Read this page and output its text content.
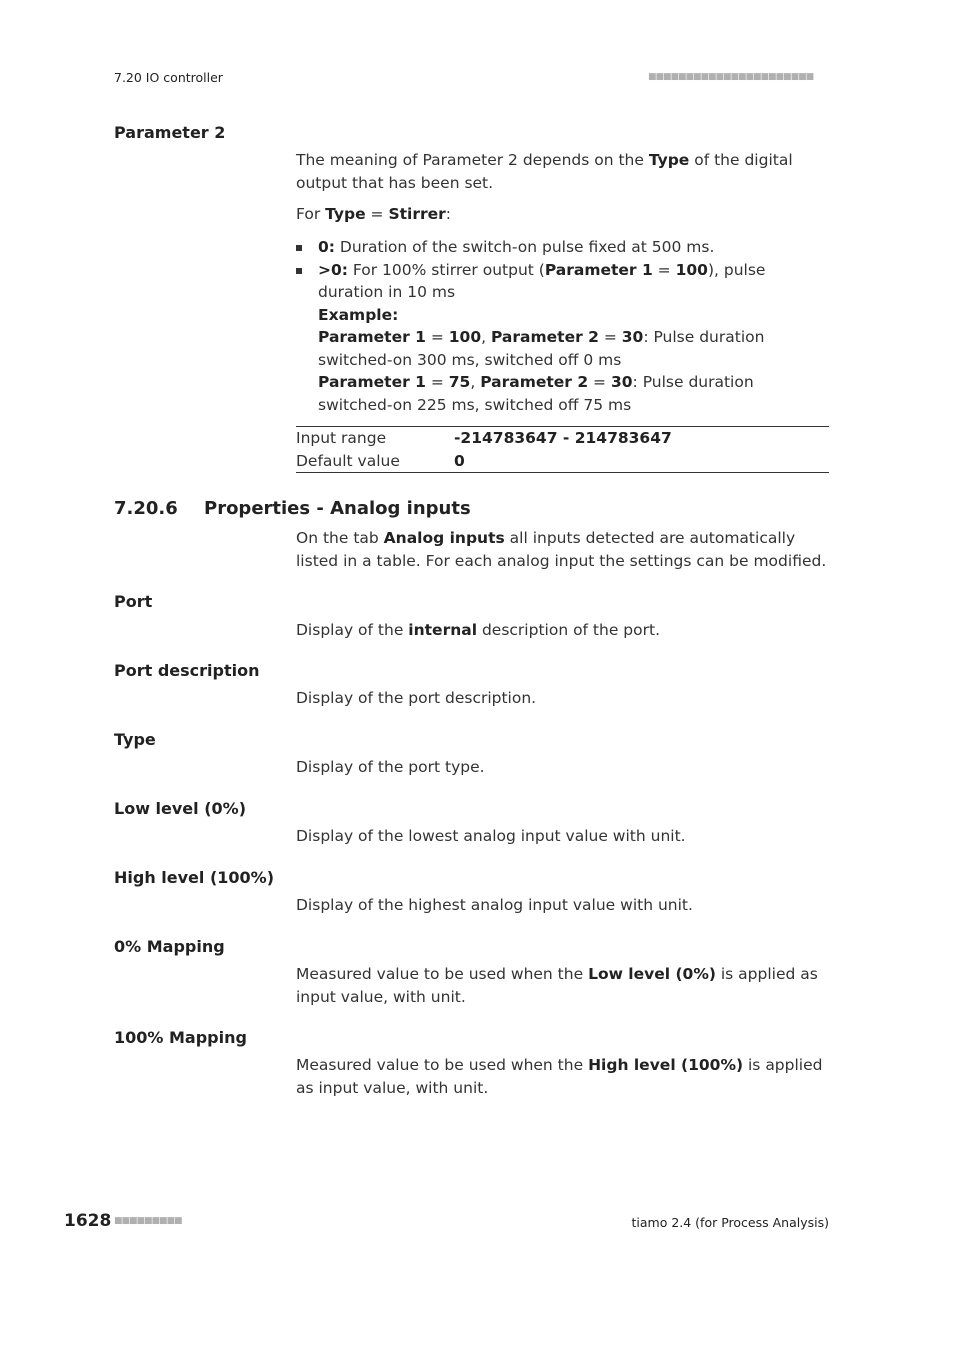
7.20 IO controller	■■■■■■■■■■■■■■■■■■■■■■
Parameter 2
The meaning of Parameter 2 depends on the Type of the digital output that has been set.
For Type = Stirrer:
0: Duration of the switch-on pulse fixed at 500 ms.
>0: For 100% stirrer output (Parameter 1 = 100), pulse duration in 10 ms
Example:
Parameter 1 = 100, Parameter 2 = 30: Pulse duration switched-on 300 ms, switched off 0 ms
Parameter 1 = 75, Parameter 2 = 30: Pulse duration switched-on 225 ms, switched off 75 ms
Input range	-214783647 - 214783647
Default value	0
7.20.6 Properties - Analog inputs
On the tab Analog inputs all inputs detected are automatically listed in a table. For each analog input the settings can be modified.
Port
Display of the internal description of the port.
Port description
Display of the port description.
Type
Display of the port type.
Low level (0%)
Display of the lowest analog input value with unit.
High level (100%)
Display of the highest analog input value with unit.
0% Mapping
Measured value to be used when the Low level (0%) is applied as input value, with unit.
100% Mapping
Measured value to be used when the High level (100%) is applied as input value, with unit.
1628 ■■■■■■■■■	tiamo 2.4 (for Process Analysis)
